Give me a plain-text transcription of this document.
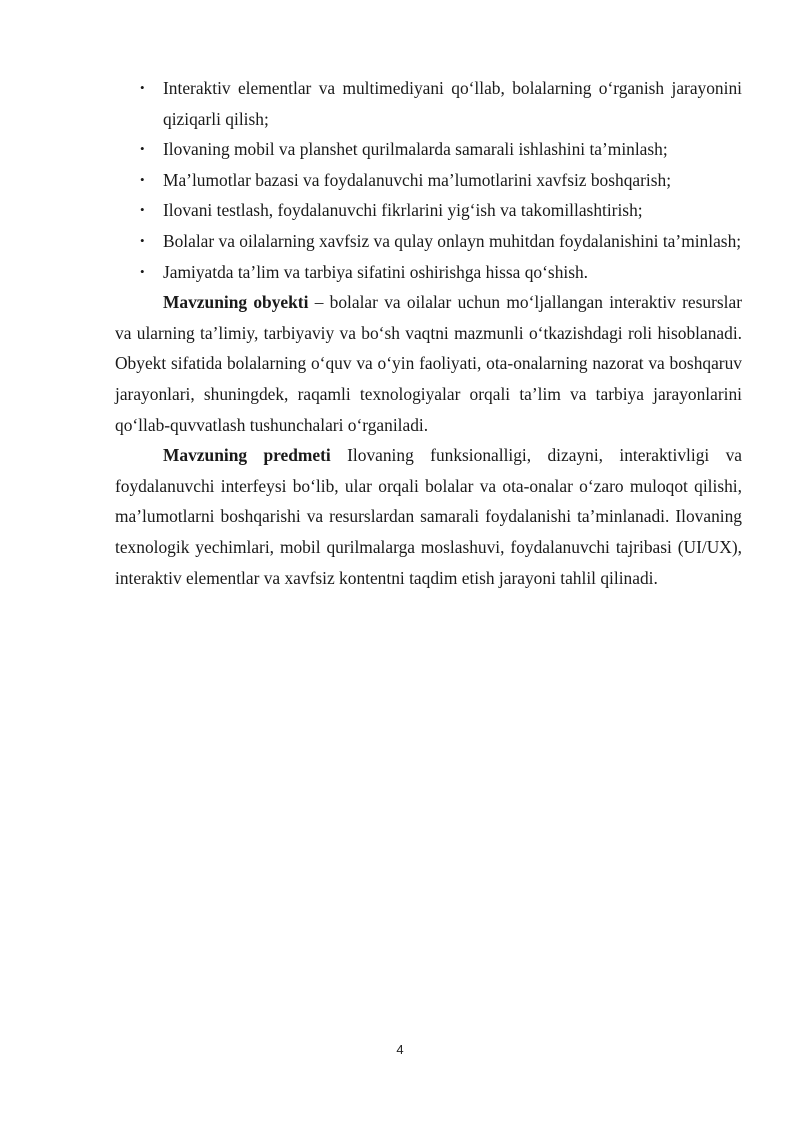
• Interaktiv elementlar va multimediyani qo‘llab, bolalarning o‘rganish jarayonini qiziqarli qilish;
• Ilovaning mobil va planshet qurilmalarda samarali ishlashini ta’minlash;
• Ma’lumotlar bazasi va foydalanuvchi ma’lumotlarini xavfsiz boshqarish;
• Ilovani testlash, foydalanuvchi fikrlarini yig‘ish va takomillashtirish;
• Bolalar va oilalarning xavfsiz va qulay onlayn muhitdan foydalanishini ta’minlash;
• Jamiyatda ta’lim va tarbiya sifatini oshirishga hissa qo‘shish.

Mavzuning obyekti – bolalar va oilalar uchun mo‘ljallangan interaktiv resurslar va ularning ta’limiy, tarbiyaviy va bo‘sh vaqtni mazmunli o‘tkazishdagi roli hisoblanadi. Obyekt sifatida bolalarning o‘quv va o‘yin faoliyati, ota-onalarning nazorat va boshqaruv jarayonlari, shuningdek, raqamli texnologiyalar orqali ta’lim va tarbiya jarayonlarini qo‘llab-quvvatlash tushunchalari o‘rganiladi.

Mavzuning predmeti Ilovaning funksionalligi, dizayni, interaktivligi va foydalanuvchi interfeysi bo‘lib, ular orqali bolalar va ota-onalar o‘zaro muloqot qilishi, ma’lumotlarni boshqarishi va resurslardan samarali foydalanishi ta’minlanadi. Ilovaning texnologik yechimlari, mobil qurilmalarga moslashuvi, foydalanuvchi tajribasi (UI/UX), interaktiv elementlar va xavfsiz kontentni taqdim etish jarayoni tahlil qilinadi.

4
